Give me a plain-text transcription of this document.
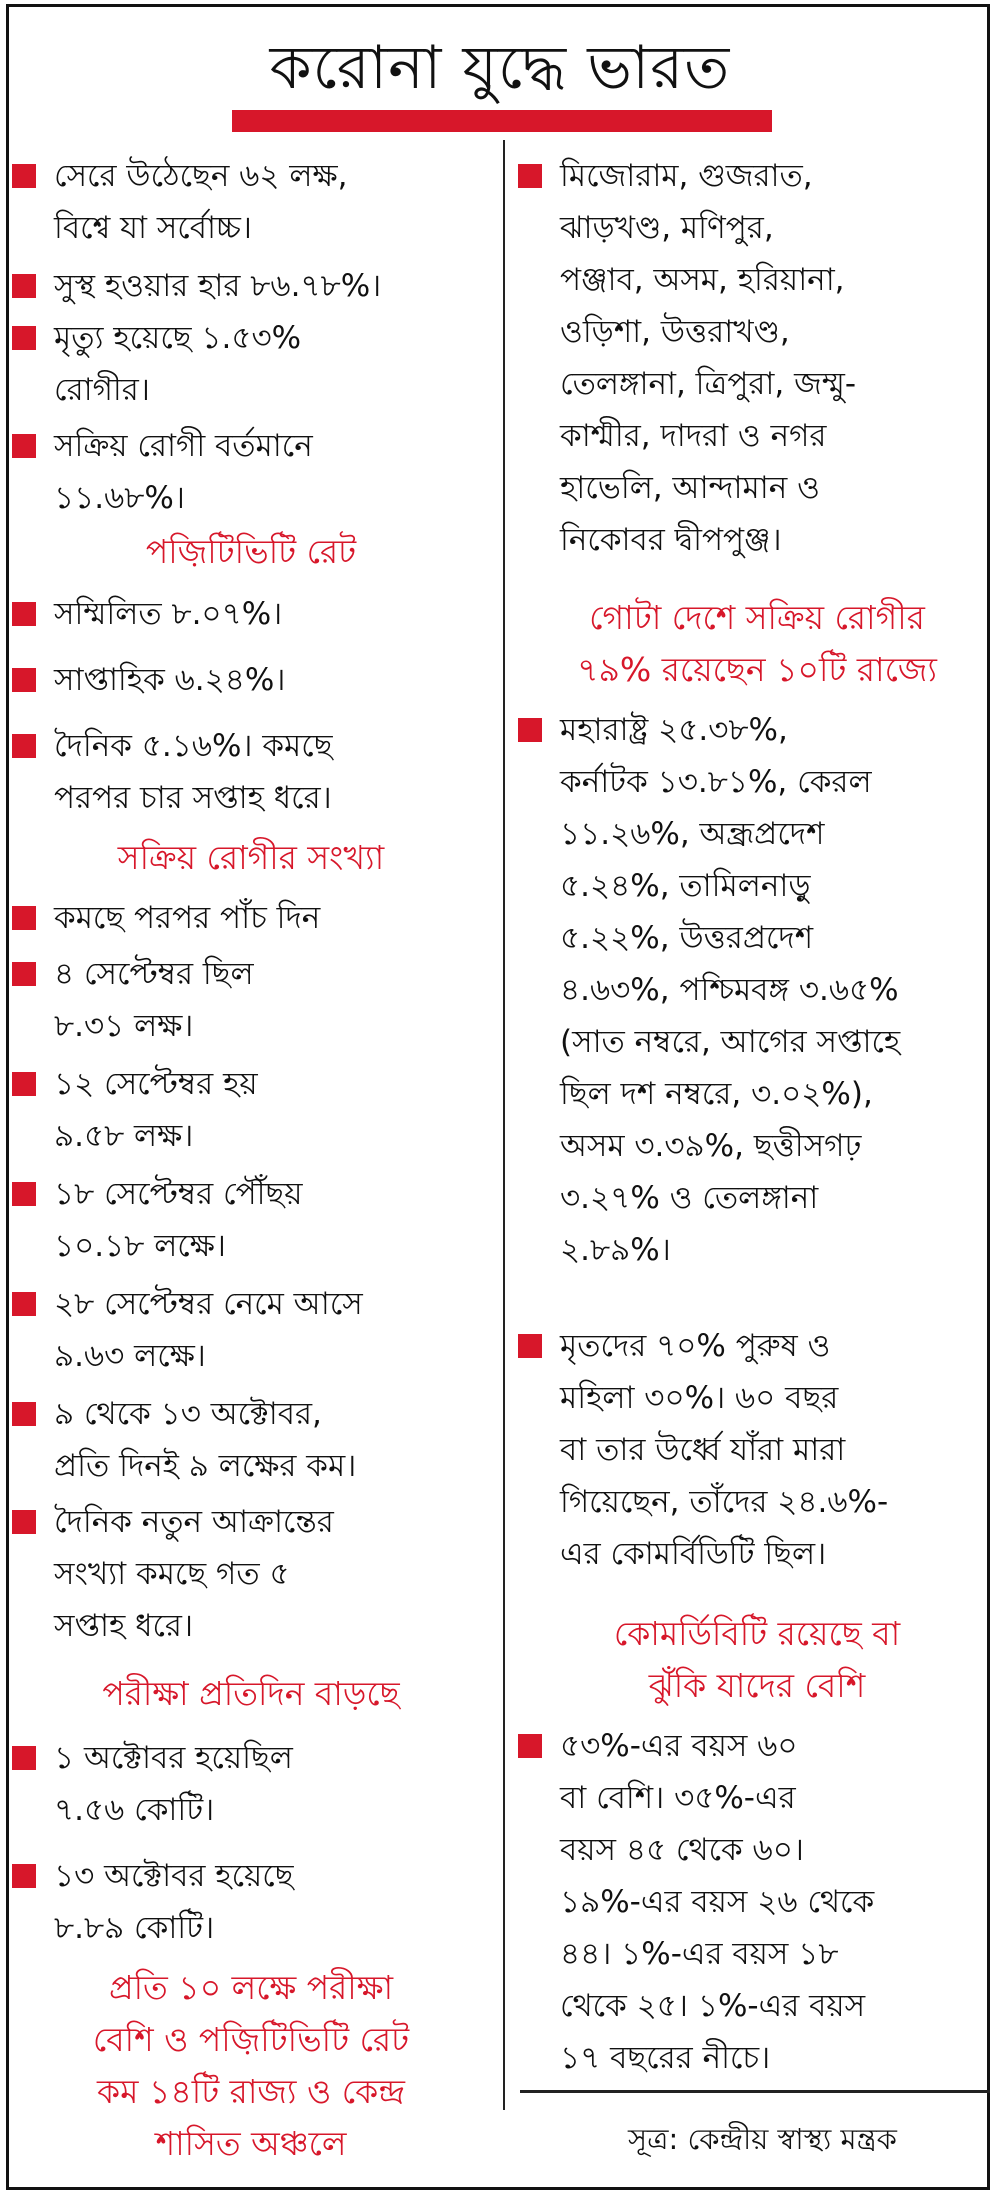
করোনা যুদ্ধে ভারত
সেরে উঠেছেন ৬২ লক্ষ,
বিশ্বে যা সর্বোচ্চ।
সুস্থ হওয়ার হার ৮৬.৭৮%।
মৃত্যু হয়েছে ১.৫৩%
রোগীর।
সক্রিয় রোগী বর্তমানে
১১.৬৮%।
পজ়িটিভিটি রেট
সম্মিলিত ৮.০৭%।
সাপ্তাহিক ৬.২৪%।
দৈনিক ৫.১৬%। কমছে
পরপর চার সপ্তাহ ধরে।
সক্রিয় রোগীর সংখ্যা
কমছে পরপর পাঁচ দিন
৪ সেপ্টেম্বর ছিল
৮.৩১ লক্ষ।
১২ সেপ্টেম্বর হয়
৯.৫৮ লক্ষ।
১৮ সেপ্টেম্বর পৌঁছয়
১০.১৮ লক্ষে।
২৮ সেপ্টেম্বর নেমে আসে
৯.৬৩ লক্ষে।
৯ থেকে ১৩ অক্টোবর,
প্রতি দিনই ৯ লক্ষের কম।
দৈনিক নতুন আক্রান্তের
সংখ্যা কমছে গত ৫
সপ্তাহ ধরে।
পরীক্ষা প্রতিদিন বাড়ছে
১ অক্টোবর হয়েছিল
৭.৫৬ কোটি।
১৩ অক্টোবর হয়েছে
৮.৮৯ কোটি।
প্রতি ১০ লক্ষে পরীক্ষা
বেশি ও পজ়িটিভিটি রেট
কম ১৪টি রাজ্য ও কেন্দ্র
শাসিত অঞ্চলে
মিজোরাম, গুজরাত,
ঝাড়খণ্ড, মণিপুর,
পঞ্জাব, অসম, হরিয়ানা,
ওড়িশা, উত্তরাখণ্ড,
তেলঙ্গানা, ত্রিপুরা, জম্মু-
কাশ্মীর, দাদরা ও নগর
হাভেলি, আন্দামান ও
নিকোবর দ্বীপপুঞ্জ।
গোটা দেশে সক্রিয় রোগীর
৭৯% রয়েছেন ১০টি রাজ্যে
মহারাষ্ট্র ২৫.৩৮%,
কর্নাটক ১৩.৮১%, কেরল
১১.২৬%, অন্ধ্রপ্রদেশ
৫.২৪%, তামিলনাড়ু
৫.২২%, উত্তরপ্রদেশ
৪.৬৩%, পশ্চিমবঙ্গ ৩.৬৫%
(সাত নম্বরে, আগের সপ্তাহে
ছিল দশ নম্বরে, ৩.০২%),
অসম ৩.৩৯%, ছত্তীসগঢ়
৩.২৭% ও তেলঙ্গানা
২.৮৯%।
মৃতদের ৭০% পুরুষ ও
মহিলা ৩০%। ৬০ বছর
বা তার উর্ধ্বে যাঁরা মারা
গিয়েছেন, তাঁদের ২৪.৬%-
এর কোমর্বিডিটি ছিল।
কোমর্ডিবিটি রয়েছে বা
ঝুঁকি যাদের বেশি
৫৩%-এর বয়স ৬০
বা বেশি। ৩৫%-এর
বয়স ৪৫ থেকে ৬০।
১৯%-এর বয়স ২৬ থেকে
৪৪। ১%-এর বয়স ১৮
থেকে ২৫। ১%-এর বয়স
১৭ বছরের নীচে।
সূত্র: কেন্দ্রীয় স্বাস্থ্য মন্ত্রক
